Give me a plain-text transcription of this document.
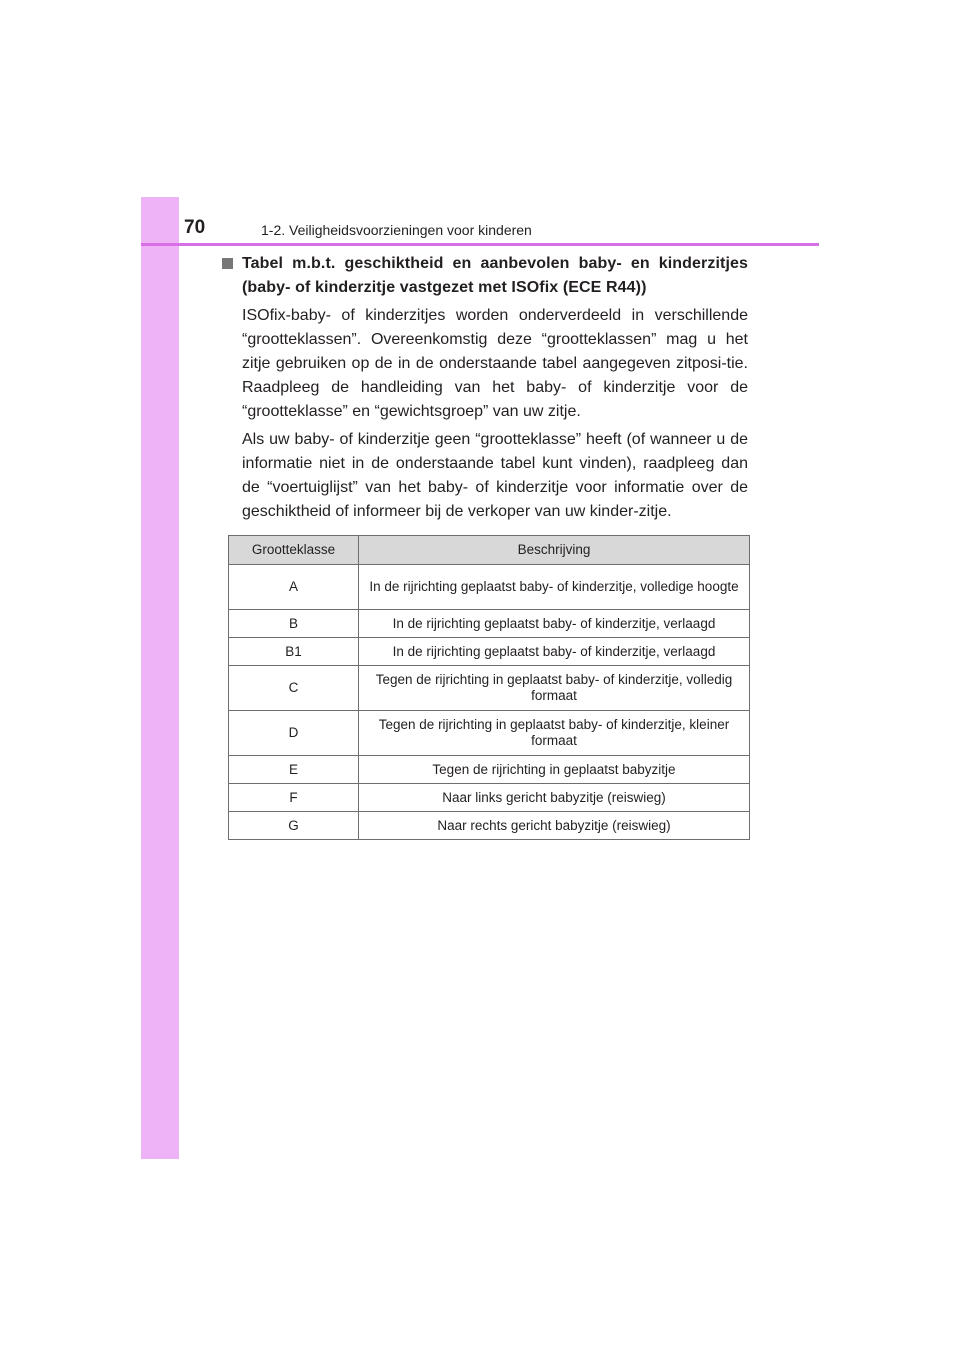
70	1-2. Veiligheidsvoorzieningen voor kinderen
Tabel m.b.t. geschiktheid en aanbevolen baby- en kinderzitjes (baby- of kinderzitje vastgezet met ISOfix (ECE R44))

ISOfix-baby- of kinderzitjes worden onderverdeeld in verschillende “grootteklassen”. Overeenkomstig deze “grootteklassen” mag u het zitje gebruiken op de in de onderstaande tabel aangegeven zitposi-tie. Raadpleeg de handleiding van het baby- of kinderzitje voor de “grootteklasse” en “gewichtsgroep” van uw zitje.

Als uw baby- of kinderzitje geen “grootteklasse” heeft (of wanneer u de informatie niet in de onderstaande tabel kunt vinden), raadpleeg dan de “voertuiglijst” van het baby- of kinderzitje voor informatie over de geschiktheid of informeer bij de verkoper van uw kinder-zitje.

Grootteklasse	Beschrijving
A	In de rijrichting geplaatst baby- of kinderzitje, volledige hoogte
B	In de rijrichting geplaatst baby- of kinderzitje, verlaagd
B1	In de rijrichting geplaatst baby- of kinderzitje, verlaagd
C	Tegen de rijrichting in geplaatst baby- of kinderzitje, volledig formaat
D	Tegen de rijrichting in geplaatst baby- of kinderzitje, kleiner formaat
E	Tegen de rijrichting in geplaatst babyzitje
F	Naar links gericht babyzitje (reiswieg)
G	Naar rechts gericht babyzitje (reiswieg)
